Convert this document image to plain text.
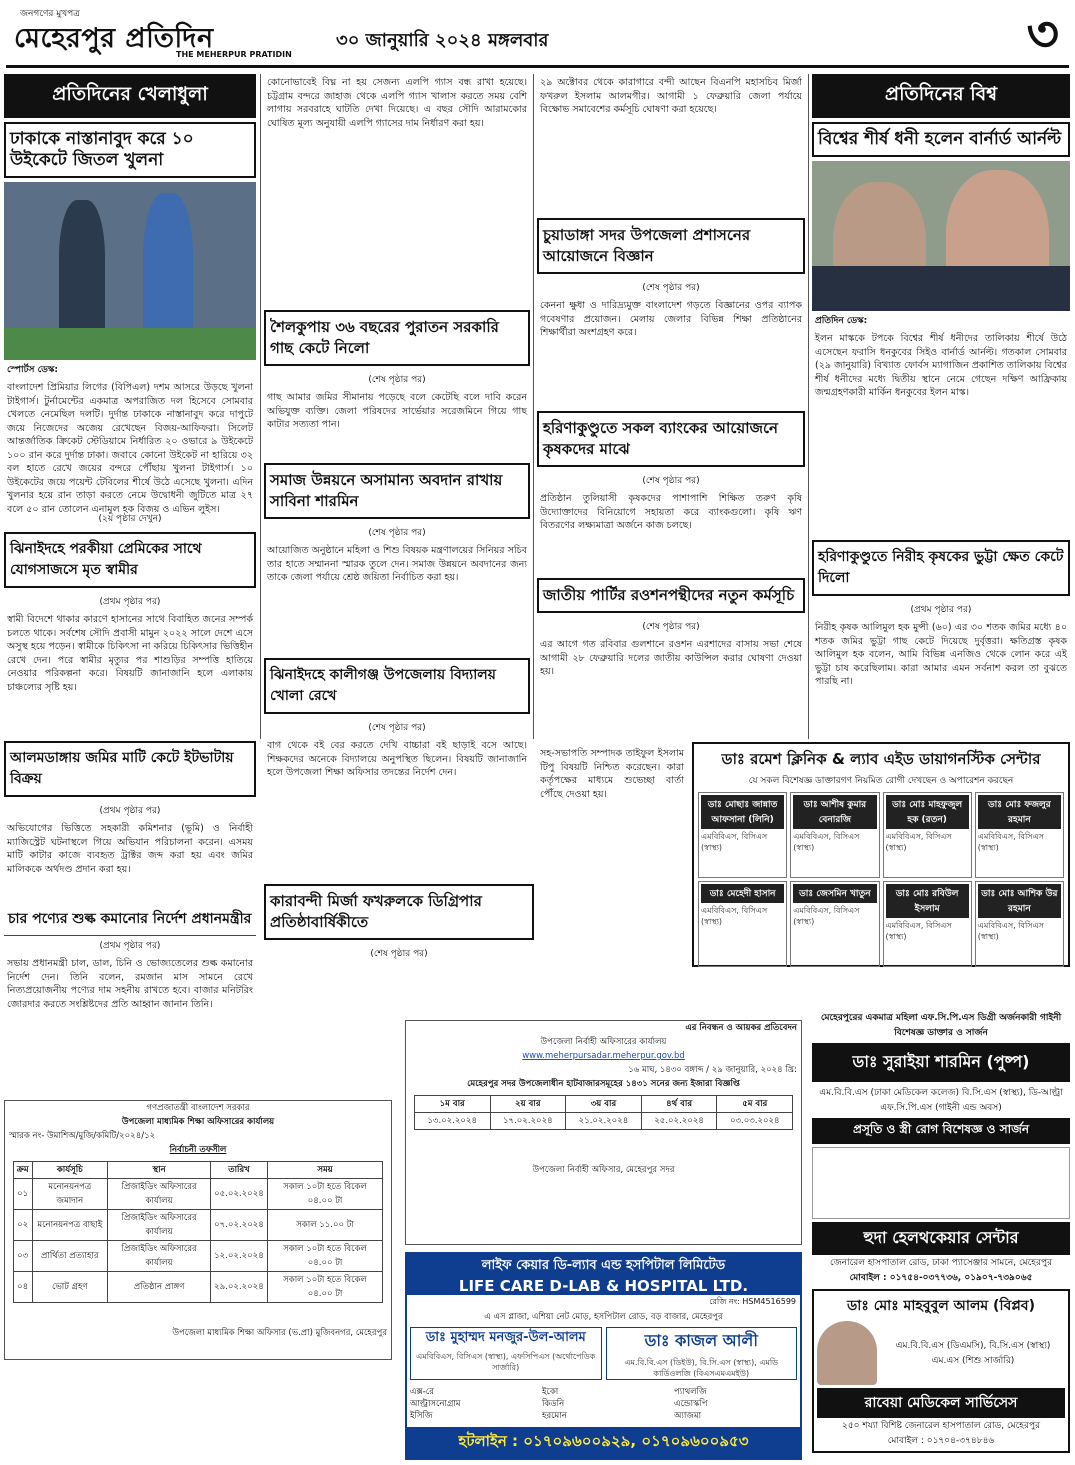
জনগণের মুখপত্র
মেহেরপুর প্রতিদিন
THE MEHERPUR PRATIDIN
৩০ জানুয়ারি ২০২৪ মঙ্গলবার	৩
প্রতিদিনের খেলাধুলা
ঢাকাকে নাস্তানাবুদ করে ১০ উইকেটে জিতল খুলনা
স্পোর্টস ডেস্ক:
বাংলাদেশ প্রিমিয়ার লিগের (বিপিএল) দশম আসরে উড়ছে খুলনা টাইগার্স। টুর্নামেন্টের একমাত্র অপরাজিত দল হিসেবে সোমবার খেলতে নেমেছিল দলটি। দুর্দান্ত ঢাকাকে নাস্তানাবুদ করে দাপুটে জয়ে নিজেদের অজেয় রেখেছেন বিজয়-আফিফরা। সিলেট আন্তর্জাতিক ক্রিকেট স্টেডিয়ামে নির্ধারিত ২০ ওভারে ৯ উইকেটে ১০০ রান করে দুর্দান্ত ঢাকা। জবাবে কোনো উইকেট না হারিয়ে ৩২ বল হাতে রেখে জয়ের বন্দরে পৌঁছায় খুলনা টাইগার্স। ১০ উইকেটের জয়ে পয়েন্ট টেবিলের শীর্ষে উঠে এসেছে খুলনা। এদিন খুলনার হয়ে রান তাড়া করতে নেমে উদ্বোধনী জুটিতে মাত্র ২৭ বলে ৫০ রান তোলেন এনামুল হক বিজয় ও এভিন লুইস।
(২য় পৃষ্ঠার দেখুন)
ঝিনাইদহে পরকীয়া প্রেমিকের সাথে যোগসাজসে মৃত স্বামীর
(প্রথম পৃষ্ঠার পর)
স্বামী বিদেশে থাকার কারণে হাসানের সাথে বিবাহিত জনের সম্পর্ক চলতে থাকে। সর্বশেষ সৌদি প্রবাসী মামুন ২০২২ সালে দেশে এসে অসুস্থ হয়ে পড়েন। স্বামীকে চিকিৎসা না করিয়ে চিকিৎসার ভিত্তিহীন রেখে দেন। পরে স্বামীর মৃত্যুর পর শাশুড়ির সম্পত্তি হাতিয়ে নেওয়ার পরিকল্পনা করে। বিষয়টি জানাজানি হলে এলাকায় চাঞ্চল্যের সৃষ্টি হয়।
আলমডাঙ্গায় জমির মাটি কেটে ইটভাটায় বিক্রয়
(প্রথম পৃষ্ঠার পর)
অভিযোগের ভিত্তিতে সহকারী কমিশনার (ভূমি) ও নির্বাহী ম্যাজিস্ট্রেট ঘটনাস্থলে গিয়ে অভিযান পরিচালনা করেন। এসময় মাটি কাটার কাজে ব্যবহৃত ট্রাক্টর জব্দ করা হয় এবং জমির মালিককে অর্থদণ্ড প্রদান করা হয়।
চার পণ্যের শুল্ক কমানোর নির্দেশ প্রধানমন্ত্রীর
(প্রথম পৃষ্ঠার পর)
সভায় প্রধানমন্ত্রী চাল, ডাল, চিনি ও ভোজ্যতেলের শুল্ক কমানোর নির্দেশ দেন। তিনি বলেন, রমজান মাস সামনে রেখে নিত্যপ্রয়োজনীয় পণ্যের দাম সহনীয় রাখতে হবে। বাজার মনিটরিং জোরদার করতে সংশ্লিষ্টদের প্রতি আহ্বান জানান তিনি।
কোনোভাবেই বিঘ্ন না হয় সেজন্য এলপি গ্যাস বন্ধ রাখা হয়েছে। চট্টগ্রাম বন্দরে জাহাজ থেকে এলপি গ্যাস খালাস করতে সময় বেশি লাগায় সরবরাহে ঘাটতি দেখা দিয়েছে। এ বছর সৌদি আরামকোর ঘোষিত মূল্য অনুযায়ী এলপি গ্যাসের দাম নির্ধারণ করা হয়।
শৈলকুপায় ৩৬ বছরের পুরাতন সরকারি গাছ কেটে নিলো
(শেষ পৃষ্ঠার পর)
গাছ আমার জমির সীমানায় পড়েছে বলে কেটেছি বলে দাবি করেন অভিযুক্ত ব্যক্তি। জেলা পরিষদের সার্ভেয়ার সরেজমিনে গিয়ে গাছ কাটার সত্যতা পান।
সমাজ উন্নয়নে অসামান্য অবদান রাখায় সাবিনা শারমিন
(শেষ পৃষ্ঠার পর)
আয়োজিত অনুষ্ঠানে মহিলা ও শিশু বিষয়ক মন্ত্রণালয়ের সিনিয়র সচিব তার হাতে সম্মাননা স্মারক তুলে দেন। সমাজ উন্নয়নে অবদানের জন্য তাকে জেলা পর্যায়ে শ্রেষ্ঠ জয়িতা নির্বাচিত করা হয়।
ঝিনাইদহে কালীগঞ্জ উপজেলায় বিদ্যালয় খোলা রেখে
(শেষ পৃষ্ঠার পর)
বাগ থেকে বই বের করতে দেখি বাচ্চারা বই ছাড়াই বসে আছে। শিক্ষকদের অনেকে বিদ্যালয়ে অনুপস্থিত ছিলেন। বিষয়টি জানাজানি হলে উপজেলা শিক্ষা অফিসার তদন্তের নির্দেশ দেন।
২৯ অক্টোবর থেকে কারাগারে বন্দী আছেন বিএনপি মহাসচিব মির্জা ফখরুল ইসলাম আলমগীর। আগামী ১ ফেব্রুয়ারি জেলা পর্যায়ে বিক্ষোভ সমাবেশের কর্মসূচি ঘোষণা করা হয়েছে।
চুয়াডাঙ্গা সদর উপজেলা প্রশাসনের আয়োজনে বিজ্ঞান
(শেষ পৃষ্ঠার পর)
কেননা ক্ষুধা ও দারিদ্র্যমুক্ত বাংলাদেশ গড়তে বিজ্ঞানের ওপর ব্যাপক গবেষণার প্রয়োজন। মেলায় জেলার বিভিন্ন শিক্ষা প্রতিষ্ঠানের শিক্ষার্থীরা অংশগ্রহণ করে।
হরিণাকুণ্ডুতে সকল ব্যাংকের আয়োজনে কৃষকদের মাঝে
(শেষ পৃষ্ঠার পর)
প্রতিষ্ঠান তুলিয়াসী কৃষকদের পাশাপাশি শিক্ষিত তরুণ কৃষি উদ্যোক্তাদের বিনিয়োগে সহায়তা করে ব্যাংকগুলো। কৃষি ঋণ বিতরণের লক্ষ্যমাত্রা অর্জনে কাজ চলছে।
জাতীয় পার্টির রওশনপন্থীদের নতুন কর্মসূচি
(শেষ পৃষ্ঠার পর)
এর আগে গত রবিবার গুলশানে রওশন এরশাদের বাসায় সভা শেষে আগামী ২৮ ফেব্রুয়ারি দলের জাতীয় কাউন্সিল করার ঘোষণা দেওয়া হয়।
সহ-সভাপতি সম্পাদক তাইফুল ইসলাম টিপু বিষয়টি নিশ্চিত করেছেন। কারা কর্তৃপক্ষের মাধ্যমে শুভেচ্ছা বার্তা পৌঁছে দেওয়া হয়।
কারাবন্দী মির্জা ফখরুলকে ডিগ্রিপার প্রতিষ্ঠাবার্ষিকীতে
(শেষ পৃষ্ঠার পর)
প্রতিদিনের বিশ্ব
বিশ্বের শীর্ষ ধনী হলেন বার্নার্ড আর্নল্ট
প্রতিদিন ডেস্ক:
ইলন মাস্ককে টপকে বিশ্বের শীর্ষ ধনীদের তালিকায় শীর্ষে উঠে এসেছেন ফরাসি ধনকুবের সিইও বার্নার্ড আর্নল্ট। গতকাল সোমবার (২৯ জানুয়ারি) বিখ্যাত ফোর্বস ম্যাগাজিন প্রকাশিত তালিকায় বিশ্বের শীর্ষ ধনীদের মধ্যে দ্বিতীয় স্থানে নেমে গেছেন দক্ষিণ আফ্রিকায় জন্মগ্রহণকারী মার্কিন ধনকুবের ইলন মাস্ক।
হরিণাকুণ্ডুতে নিরীহ কৃষকের ভুট্টা ক্ষেত কেটে দিলো
(প্রথম পৃষ্ঠার পর)
নিরীহ কৃষক আলিমুল হক মুন্সী (৬০) এর ৩০ শতক জমির মধ্যে ৪০ শতক জমির ভুট্টা গাছ কেটে দিয়েছে দুর্বৃত্তরা। ক্ষতিগ্রস্ত কৃষক আলিমুল হক বলেন, আমি বিভিন্ন এনজিও থেকে লোন করে এই ভুট্টা চাষ করেছিলাম। কারা আমার এমন সর্বনাশ করল তা বুঝতে পারছি না।
ডাঃ রমেশ ক্লিনিক & ল্যাব এইড ডায়াগনস্টিক সেন্টার
যে সকল বিশেষজ্ঞ ডাক্তারগণ নিয়মিত রোগী দেখছেন ও অপারেশন করছেন
ডাঃ মোছাঃ জান্নাত আফসানা (লিনি)
এমবিবিএস, বিসিএস (স্বাস্থ্য)
ডাঃ আশীষ কুমার বেনারজি
এমবিবিএস, বিসিএস (স্বাস্থ্য)
ডাঃ মোঃ মাহফুজুল হক (রতন)
এমবিবিএস, বিসিএস (স্বাস্থ্য)
ডাঃ মোঃ ফজলুর রহমান
এমবিবিএস, বিসিএস (স্বাস্থ্য)
ডাঃ মেহেদী হাসান
এমবিবিএস, বিসিএস (স্বাস্থ্য)
ডাঃ জেসমিন খাতুন
এমবিবিএস, বিসিএস (স্বাস্থ্য)
ডাঃ মোঃ রবিউল ইসলাম
এমবিবিএস, বিসিএস (স্বাস্থ্য)
ডাঃ মোঃ আশিক উর রহমান
এমবিবিএস, বিসিএস (স্বাস্থ্য)
গণপ্রজাতন্ত্রী বাংলাদেশ সরকার
উপজেলা মাধ্যমিক শিক্ষা অফিসারের কার্যালয়
স্মারক নং- উমাশিঅ/মুজি/কমিটি/২০২৪/১২
নির্বাচনী তফসীল
ক্রম	কার্যসূচি	স্থান	তারিখ	সময়
০১	মনোনয়নপত্র জমাদান	প্রিজাইডিং অফিসারের কার্যালয়	০৫.০২.২০২৪	সকাল ১০টা হতে বিকেল ০৪.০০ টা
০২	মনোনয়নপত্র বাছাই	প্রিজাইডিং অফিসারের কার্যালয়	০৭.০২.২০২৪	সকাল ১১.০০ টা
০৩	প্রার্থিতা প্রত্যাহার	প্রিজাইডিং অফিসারের কার্যালয়	১২.০২.২০২৪	সকাল ১০টা হতে বিকেল ০৪.০০ টা
০৪	ভোট গ্রহণ	প্রতিষ্ঠান প্রাঙ্গণ	২৯.০২.২০২৪	সকাল ১০টা হতে বিকেল ০৪.০০ টা
উপজেলা মাধ্যমিক শিক্ষা অফিসার (ভ.প্রা) মুজিবনগর, মেহেরপুর
এর নিবন্ধন ও আয়কর প্রতিবেদন
উপজেলা নির্বাহী অফিসারের কার্যালয়
www.meherpursadar.meherpur.gov.bd
১৬ মাঘ, ১৪৩০ বঙ্গাব্দ / ২৯ জানুয়ারি, ২০২৪ খ্রি:
মেহেরপুর সদর উপজেলাধীন হাটবাজারসমূহের ১৪৩১ সনের জন্য ইজারা বিজ্ঞপ্তি
১ম বার	২য় বার	৩য় বার	৪র্থ বার	৫ম বার
১৩.০২.২০২৪	১৭.০২.২০২৪	২১.০২.২০২৪	২৫.০২.২০২৪	০৩.০৩.২০২৪
উপজেলা নির্বাহী অফিসার, মেহেরপুর সদর
লাইফ কেয়ার ডি-ল্যাব এন্ড হসপিটাল লিমিটেড
LIFE CARE D-LAB & HOSPITAL LTD.
রেজি নং: HSM4516599
এ এস প্লাজা, এশিয়া নেট মোড়, হসপিটাল রোড, বড় বাজার, মেহেরপুর
ডাঃ মুহাম্মদ মনজুর-উল-আলম
এমবিবিএস, বিসিএস (স্বাস্থ্য), এফসিপিএস (অর্থোপেডিক সার্জারি)
ডাঃ কাজল আলী
এম.বি.বি.এস (ডিইউ), বি.সি.এস (স্বাস্থ্য), এমডি কার্ডিওলজি (বিএসএমএমইউ)
এক্স-রে
আল্ট্রাসনোগ্রাম
ইসিজি
ইকো
কিডনি
হরমোন
প্যাথলজি
এন্ডোস্কপি
অ্যাজমা
হটলাইন : ০১৭০৯৬০০৯২৯, ০১৭০৯৬০০৯৫৩
মেহেরপুরের একমাত্র মহিলা এফ.সি.পি.এস ডিগ্রী অর্জনকারী গাইনী বিশেষজ্ঞ ডাক্তার ও সার্জন
ডাঃ সুরাইয়া শারমিন (পুষ্প)
এম.বি.বি.এস (ঢাকা মেডিকেল কলেজ) বি.সি.এস (স্বাস্থ্য), ডি-আল্ট্রা এফ.সি.পি.এস (গাইনী এন্ড অবস)
প্রসূতি ও স্ত্রী রোগ বিশেষজ্ঞ ও সার্জন
হুদা হেলথকেয়ার সেন্টার
জেনারেল হাসপাতাল রোড, ঢাকা প্যাসেঞ্জার সামনে, মেহেরপুর
মোবাইল : ০১৭৫৪-০৩৭৭৩৬, ০১৯০৭-৭৩৯০৬৫
ডাঃ মোঃ মাহবুবুল আলম (বিপ্লব)
এম.বি.বি.এস (ডিএমসি), বি.সি.এস (স্বাস্থ্য) এম.এস (শিশু সার্জারি)
রাবেয়া মেডিকেল সার্ভিসেস
২৫০ শয্যা বিশিষ্ট জেনারেল হাসপাতাল রোড, মেহেরপুর
মোবাইল : ০১৭০৪-৩৭৪৮৪৬
